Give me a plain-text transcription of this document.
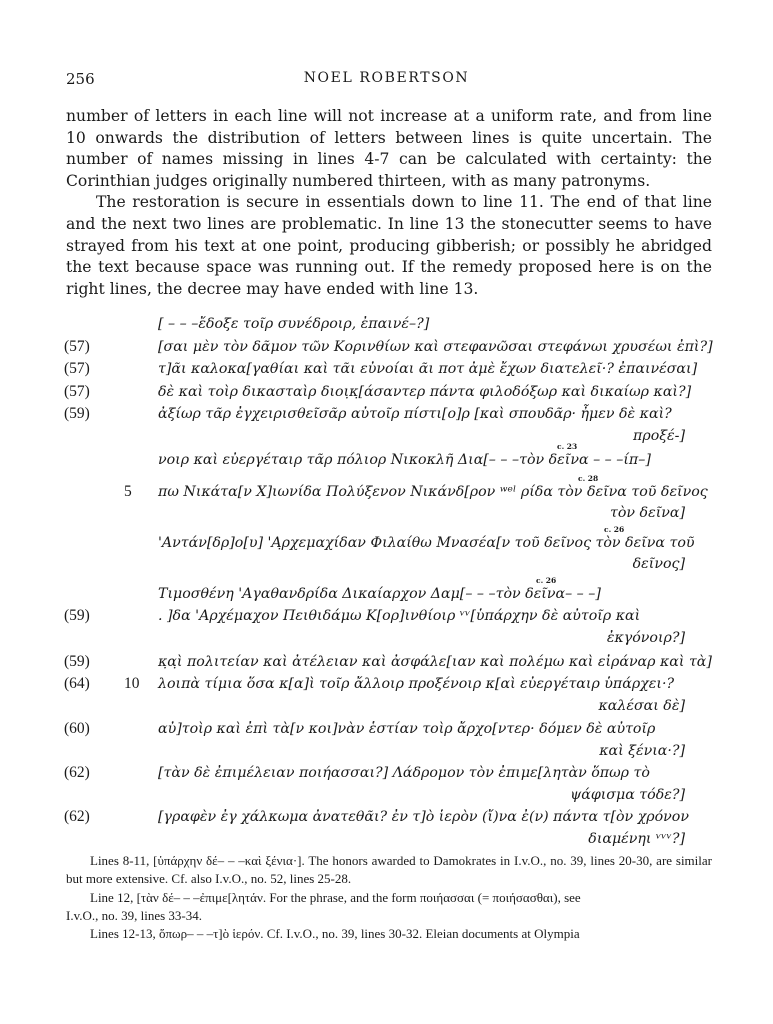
256	NOEL ROBERTSON

number of letters in each line will not increase at a uniform rate, and from line 10 onwards the distribution of letters between lines is quite uncertain. The number of names missing in lines 4-7 can be calculated with certainty: the Corinthian judges originally numbered thirteen, with as many patronyms.

The restoration is secure in essentials down to line 11. The end of that line and the next two lines are problematic. In line 13 the stonecutter seems to have strayed from his text at one point, producing gibberish; or possibly he abridged the text because space was running out. If the remedy proposed here is on the right lines, the decree may have ended with line 13.

[ – – –ἔδοξε τοῖρ συνέδροιρ, ἐπαινέ–?]
(57)	[σαι μὲν τὸν δᾶμον τῶν Κορινθίων καὶ στεφανῶσαι στεφάνωι χρυσέωι ἐπὶ?]
(57)	τ]ᾶι καλοκα[γαθίαι καὶ τᾶι εὐνοίαι ᾶι ποτ ἀμὲ ἔχων διατελεῖ·? ἐπαινέσαι]
(57)	δὲ καὶ τοὶρ δικασταὶρ διοι̣κ̣[άσαντερ πάντα φιλοδόξωρ καὶ δικαίωρ καὶ?]
(59)	ἀξίωρ τᾶρ ἐγχειρισθεῖσᾶρ αὐτοῖρ πίστι[ο]ρ [καὶ σπουδᾶρ· ἦμεν δὲ καὶ?
προξέ-]
c. 23
νοιρ καὶ εὐεργέταιρ τᾶρ πόλιορ Νικοκλῆ Δια[– – –τὸν δεῖνα – – –ίπ–]
c. 28
5 πω Νικάτα[ν Χ]ιωνίδα Πολύξενον Νικάνδ[ρον ʷᵉˡ ρίδα τὸν δεῖνα τοῦ δεῖνος
τὸν δεῖνα]
c. 26
'Αντάν[δρ]ο[υ] 'Α̣ρχεμαχίδαν Φιλαίθω Μνασέα[ν τοῦ δεῖνος τὸν δεῖνα τοῦ
δεῖνος]
c. 26
Τιμοσθένη 'Αγαθανδρίδα Δικαίαρχον Δαμ[– – –τὸν δεῖνα– – –]
(59)	. ]δα 'Αρχέμαχον Πειθιδάμω Κ[ορ]ινθίοιρ ᵛᵛ[ὑπάρχην δὲ αὐτοῖρ καὶ
ἐκγόνοιρ?]
(59)	κ̣α̣ὶ πολιτείαν καὶ ἀτέλειαν καὶ ἀσφάλε[ιαν καὶ πολέμω καὶ εἰράναρ καὶ τὰ]
(64) 10 λοιπὰ τίμια ὅσα κ[α]ὶ τοῖρ ἄλλοιρ προξένοιρ κ[αὶ εὐεργέταιρ ὑπάρχει·?
καλέσαι δὲ]
(60)	αὐ]τοὶρ καὶ ἐπὶ τὰ[ν κοι]νὰν ἑστίαν τοὶρ ἄρχο[ντερ· δόμεν δὲ αὐτοῖρ
καὶ ξένια·?]
(62)	[τὰν δὲ ἐπιμέλειαν ποιήασσαι?] Λάδρομον τὸν ἐπιμε[λητὰν ὅπωρ τὸ
ψάφισμα τόδε?]
(62)	[γραφὲν ἐγ χάλκωμα ἀνατεθᾶι? ἐν τ]ὸ ἱερὸν (ἴ)να ἐ(ν) πάντα τ[ὸν χρόνον
διαμένηι ᵛᵛᵛ?]

Lines 8-11, [ὑπάρχην δέ– – –καὶ ξένια·]. The honors awarded to Damokrates in I.v.O., no. 39, lines 20-30, are similar but more extensive. Cf. also I.v.O., no. 52, lines 25-28.

Line 12, [τὰν δέ– – –ἐπιμε[λητάν. For the phrase, and the form ποιήασσαι (= ποιήσασθαι), see

I.v.O., no. 39, lines 33-34.

Lines 12-13, ὅπωρ– – –τ]ὸ ἱερόν. Cf. I.v.O., no. 39, lines 30-32. Eleian documents at Olympia
